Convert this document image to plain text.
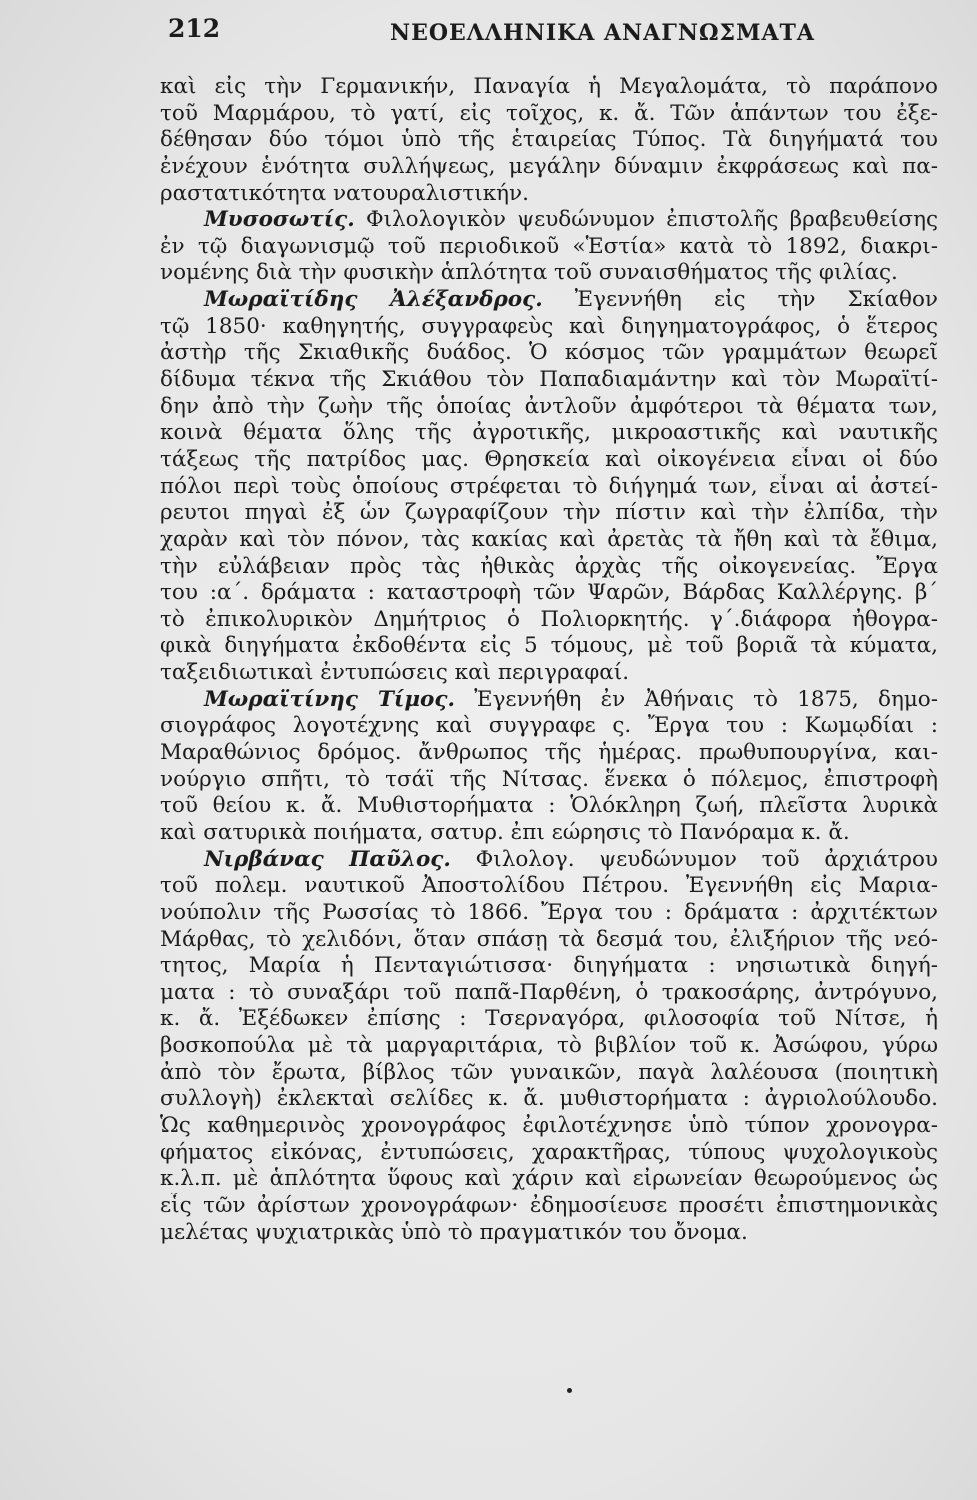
212	ΝΕΟΕΛΛΗΝΙΚΑ ΑΝΑΓΝΩΣΜΑΤΑ
καὶ εἰς τὴν Γερμανικήν, Παναγία ἡ Μεγαλομάτα, τὸ παράπονο
τοῦ Μαρμάρου, τὸ γατί, εἰς τοῖχος, κ. ἄ. Τῶν ἁπάντων του ἐξε-
δέθησαν δύο τόμοι ὑπὸ τῆς ἑταιρείας Τύπος. Τὰ διηγήματά του
ἐνέχουν ἑνότητα συλλήψεως, μεγάλην δύναμιν ἐκφράσεως καὶ πα-
ραστατικότητα νατουραλιστικήν.
Μυσοσωτίς. Φιλολογικὸν ψευδώνυμον ἐπιστολῆς βραβευθείσης
ἐν τῷ διαγωνισμῷ τοῦ περιοδικοῦ «Ἑστία» κατὰ τὸ 1892, διακρι-
νομένης διὰ τὴν φυσικὴν ἁπλότητα τοῦ συναισθήματος τῆς φιλίας.
Μωραϊτίδης Ἀλέξανδρος. Ἐγεννήθη εἰς τὴν Σκίαθον
τῷ 1850· καθηγητής, συγγραφεὺς καὶ διηγηματογράφος, ὁ ἕτερος
ἀστὴρ τῆς Σκιαθικῆς δυάδος. Ὁ κόσμος τῶν γραμμάτων θεωρεῖ
δίδυμα τέκνα τῆς Σκιάθου τὸν Παπαδιαμάντην καὶ τὸν Μωραϊτί-
δην ἀπὸ τὴν ζωὴν τῆς ὁποίας ἀντλοῦν ἀμφότεροι τὰ θέματα των,
κοινὰ θέματα ὅλης τῆς ἀγροτικῆς, μικροαστικῆς καὶ ναυτικῆς
τάξεως τῆς πατρίδος μας. Θρησκεία καὶ οἰκογένεια εἶναι οἱ δύο
πόλοι περὶ τοὺς ὁποίους στρέφεται τὸ διήγημά των, εἶναι αἱ ἀστεί-
ρευτοι πηγαὶ ἐξ ὧν ζωγραφίζουν τὴν πίστιν καὶ τὴν ἐλπίδα, τὴν
χαρὰν καὶ τὸν πόνον, τὰς κακίας καὶ ἀρετὰς τὰ ἤθη καὶ τὰ ἔθιμα,
τὴν εὐλάβειαν πρὸς τὰς ἠθικὰς ἀρχὰς τῆς οἰκογενείας. Ἔργα
του :α΄. δράματα : καταστροφὴ τῶν Ψαρῶν, Βάρδας Καλλέργης. β΄
τὸ ἐπικολυρικὸν Δημήτριος ὁ Πολιορκητής. γ΄.διάφορα ἠθογρα-
φικὰ διηγήματα ἐκδοθέντα εἰς 5 τόμους, μὲ τοῦ βοριᾶ τὰ κύματα,
ταξειδιωτικαὶ ἐντυπώσεις καὶ περιγραφαί.
Μωραϊτίνης Τίμος. Ἐγεννήθη ἐν Ἀθήναις τὸ 1875, δημο-
σιογράφος λογοτέχνης καὶ συγγραφε ς. Ἔργα του : Κωμῳδίαι :
Μαραθώνιος δρόμος. ἄνθρωπος τῆς ἡμέρας. πρωθυπουργίνα, και-
νούργιο σπῆτι, τὸ τσάϊ τῆς Νίτσας. ἕνεκα ὁ πόλεμος, ἐπιστροφὴ
τοῦ θείου κ. ἄ. Μυθιστορήματα : Ὁλόκληρη ζωή, πλεῖστα λυρικὰ
καὶ σατυρικὰ ποιήματα, σατυρ. ἐπι εώρησις τὸ Πανόραμα κ. ἄ.
Νιρβάνας Παῦλος. Φιλολογ. ψευδώνυμον τοῦ ἀρχιάτρου
τοῦ πολεμ. ναυτικοῦ Ἀποστολίδου Πέτρου. Ἐγεννήθη εἰς Μαρια-
νούπολιν τῆς Ρωσσίας τὸ 1866. Ἔργα του : δράματα : ἀρχιτέκτων
Μάρθας, τὸ χελιδόνι, ὅταν σπάσῃ τὰ δεσμά του, ἐλιξήριον τῆς νεό-
τητος, Μαρία ἡ Πενταγιώτισσα· διηγήματα : νησιωτικὰ διηγή-
ματα : τὸ συναξάρι τοῦ παπᾶ-Παρθένη, ὁ τρακοσάρης, ἀντρόγυνο,
κ. ἄ. Ἐξέδωκεν ἐπίσης : Τσερναγόρα, φιλοσοφία τοῦ Νίτσε, ἡ
βοσκοπούλα μὲ τὰ μαργαριτάρια, τὸ βιβλίον τοῦ κ. Ἀσώφου, γύρω
ἀπὸ τὸν ἔρωτα, βίβλος τῶν γυναικῶν, παγὰ λαλέουσα (ποιητικὴ
συλλογὴ) ἐκλεκταὶ σελίδες κ. ἄ. μυθιστορήματα : ἀγριολούλουδο.
Ὡς καθημερινὸς χρονογράφος ἐφιλοτέχνησε ὑπὸ τύπον χρονογρα-
φήματος εἰκόνας, ἐντυπώσεις, χαρακτῆρας, τύπους ψυχολογικοὺς
κ.λ.π. μὲ ἁπλότητα ὕφους καὶ χάριν καὶ εἰρωνείαν θεωρούμενος ὡς
εἷς τῶν ἀρίστων χρονογράφων· ἐδημοσίευσε προσέτι ἐπιστημονικὰς
μελέτας ψυχιατρικὰς ὑπὸ τὸ πραγματικόν του ὄνομα.
